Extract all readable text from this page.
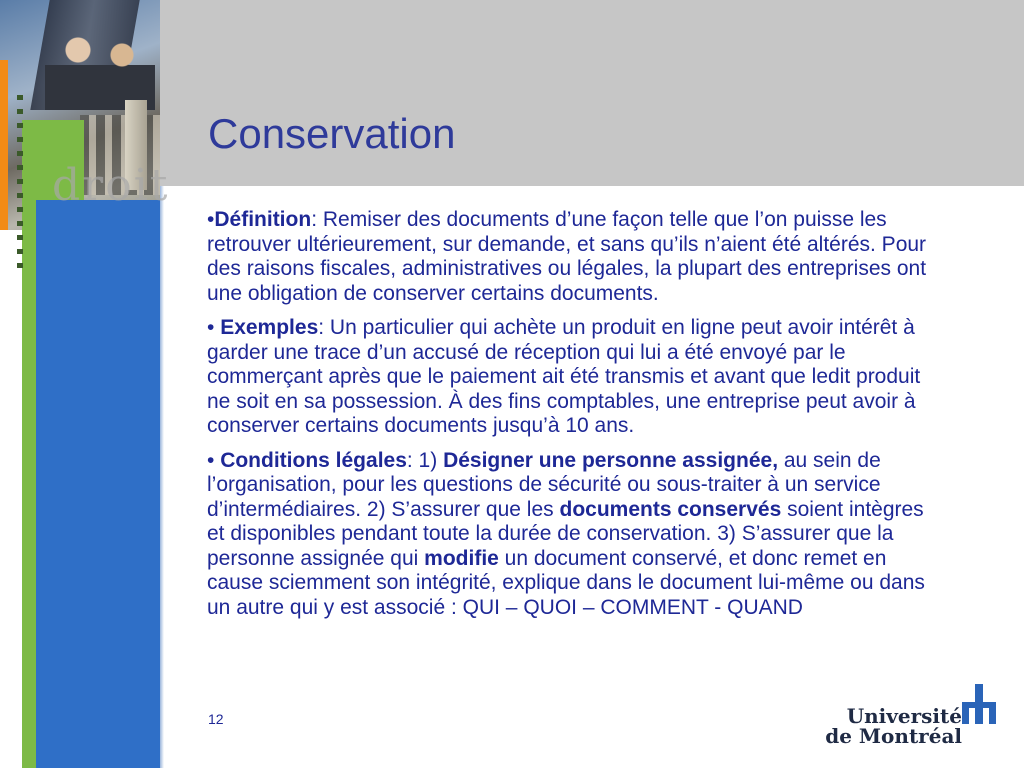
droit
Conservation

•Définition: Remiser des documents d’une façon telle que l’on puisse les retrouver ultérieurement, sur demande, et sans qu’ils n’aient été altérés. Pour des raisons fiscales, administratives ou légales, la plupart des entreprises ont une obligation de conserver certains documents.

• Exemples: Un particulier qui achète un produit en ligne peut avoir intérêt à garder une trace d’un accusé de réception qui lui a été envoyé par le commerçant après que le paiement ait été transmis et avant que ledit produit ne soit en sa possession. À des fins comptables, une entreprise peut avoir à conserver certains documents jusqu’à 10 ans.

• Conditions légales: 1) Désigner une personne assignée, au sein de l’organisation, pour les questions de sécurité ou sous-traiter à un service d’intermédiaires. 2) S’assurer que les documents conservés soient intègres et disponibles pendant toute la durée de conservation. 3) S’assurer que la personne assignée qui modifie un document conservé, et donc remet en cause sciemment son intégrité, explique dans le document lui-même ou dans un autre qui y est associé : QUI – QUOI – COMMENT - QUAND

12	Université
de Montréal
